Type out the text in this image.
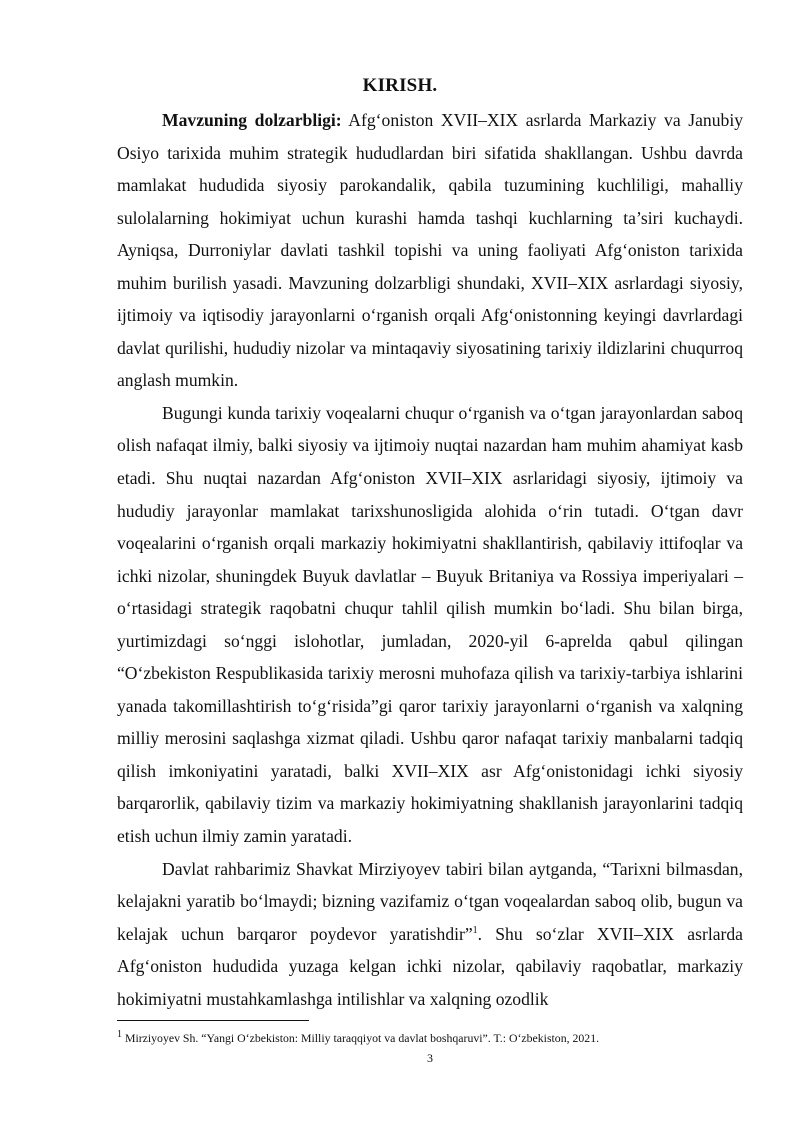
KIRISH.

Mavzuning dolzarbligi: Afg‘oniston XVII–XIX asrlarda Markaziy va Janubiy Osiyo tarixida muhim strategik hududlardan biri sifatida shakllangan. Ushbu davrda mamlakat hududida siyosiy parokandalik, qabila tuzumining kuchliligi, mahalliy sulolalarning hokimiyat uchun kurashi hamda tashqi kuchlarning ta’siri kuchaydi. Ayniqsa, Durroniylar davlati tashkil topishi va uning faoliyati Afg‘oniston tarixida muhim burilish yasadi. Mavzuning dolzarbligi shundaki, XVII–XIX asrlardagi siyosiy, ijtimoiy va iqtisodiy jarayonlarni o‘rganish orqali Afg‘onistonning keyingi davrlardagi davlat qurilishi, hududiy nizolar va mintaqaviy siyosatining tarixiy ildizlarini chuqurroq anglash mumkin.

Bugungi kunda tarixiy voqealarni chuqur o‘rganish va o‘tgan jarayonlardan saboq olish nafaqat ilmiy, balki siyosiy va ijtimoiy nuqtai nazardan ham muhim ahamiyat kasb etadi. Shu nuqtai nazardan Afg‘oniston XVII–XIX asrlaridagi siyosiy, ijtimoiy va hududiy jarayonlar mamlakat tarixshunosligida alohida o‘rin tutadi. O‘tgan davr voqealarini o‘rganish orqali markaziy hokimiyatni shakllantirish, qabilaviy ittifoqlar va ichki nizolar, shuningdek Buyuk davlatlar – Buyuk Britaniya va Rossiya imperiyalari – o‘rtasidagi strategik raqobatni chuqur tahlil qilish mumkin bo‘ladi. Shu bilan birga, yurtimizdagi so‘nggi islohotlar, jumladan, 2020-yil 6-aprelda qabul qilingan “O‘zbekiston Respublikasida tarixiy merosni muhofaza qilish va tarixiy-tarbiya ishlarini yanada takomillashtirish to‘g‘risida”gi qaror tarixiy jarayonlarni o‘rganish va xalqning milliy merosini saqlashga xizmat qiladi. Ushbu qaror nafaqat tarixiy manbalarni tadqiq qilish imkoniyatini yaratadi, balki XVII–XIX asr Afg‘onistonidagi ichki siyosiy barqarorlik, qabilaviy tizim va markaziy hokimiyatning shakllanish jarayonlarini tadqiq etish uchun ilmiy zamin yaratadi.

Davlat rahbarimiz Shavkat Mirziyoyev tabiri bilan aytganda, “Tarixni bilmasdan, kelajakni yaratib bo‘lmaydi; bizning vazifamiz o‘tgan voqealardan saboq olib, bugun va kelajak uchun barqaror poydevor yaratishdir”$^1$. Shu so‘zlar XVII–XIX asrlarda Afg‘oniston hududida yuzaga kelgan ichki nizolar, qabilaviy raqobatlar, markaziy hokimiyatni mustahkamlashga intilishlar va xalqning ozodlik

$^1$ Mirziyoyev Sh. “Yangi O‘zbekiston: Milliy taraqqiyot va davlat boshqaruvi”. T.: O‘zbekiston, 2021.
3
